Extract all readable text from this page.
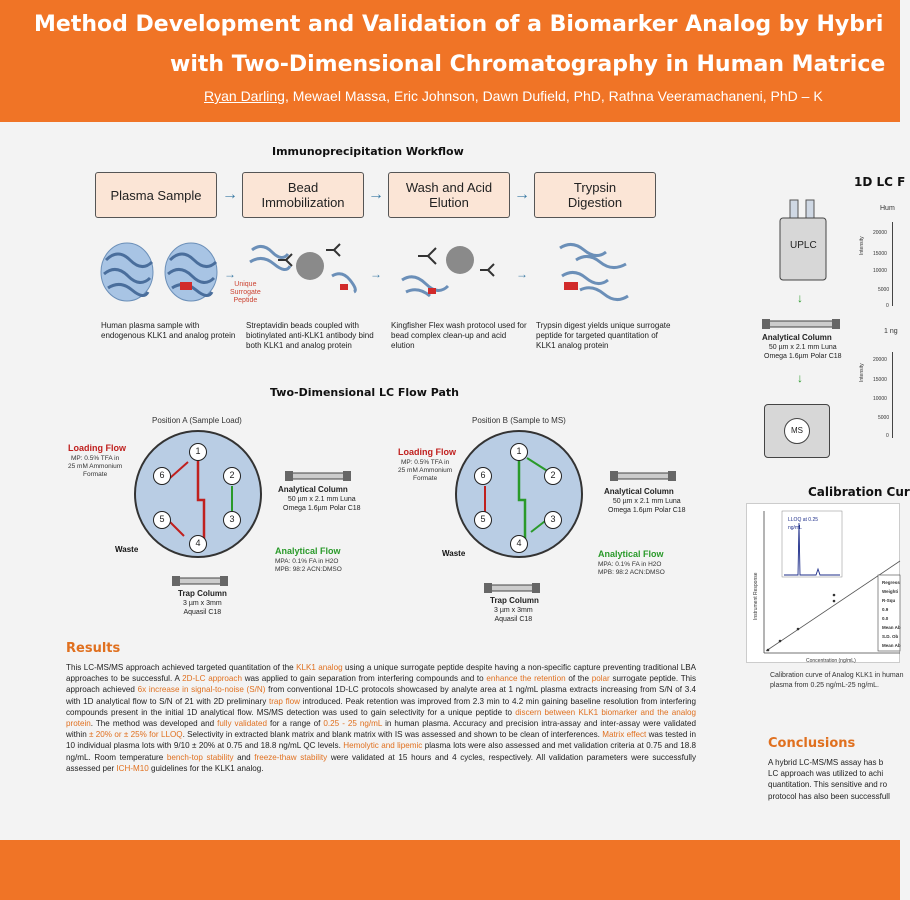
Method Development and Validation of a Biomarker Analog by Hybri
with Two-Dimensional Chromatography in Human Matrice
Ryan Darling, Mewael Massa, Eric Johnson, Dawn Dufield, PhD, Rathna Veeramachaneni, PhD – K
Immunoprecipitation Workflow
Plasma Sample	→	Bead
Immobilization	→	Wash and Acid
Elution	→	Trypsin
Digestion
Unique
Surrogate
Peptide
→	→	→
Human plasma sample with endogenous KLK1 and analog protein
Streptavidin beads coupled with biotinylated anti-KLK1 antibody bind both KLK1 and analog protein
Kingfisher Flex wash protocol used for bead complex clean-up and acid elution
Trypsin digest yields unique surrogate peptide for targeted quantitation of KLK1 analog protein
Two-Dimensional LC Flow Path
Position A (Sample Load)
1
2
3
4
5
6
Loading Flow
MP: 0.5% TFA in
25 mM Ammonium
Formate
Waste
Analytical Column
50 µm x 2.1 mm Luna
Omega 1.6µm Polar C18
Analytical Flow
MPA: 0.1% FA in H2O
MPB: 98:2 ACN:DMSO
Trap Column
3 µm x 3mm
Aquasil C18
Position B (Sample to MS)
1
2
3
4
5
6
Loading Flow
MP: 0.5% TFA in
25 mM Ammonium
Formate
Waste
Analytical Column
50 µm x 2.1 mm Luna
Omega 1.6µm Polar C18
Analytical Flow
MPA: 0.1% FA in H2O
MPB: 98:2 ACN:DMSO
Trap Column
3 µm x 3mm
Aquasil C18
1D LC F
UPLC
↓
Analytical Column
50 µm x 2.1 mm Luna
Omega 1.6µm Polar C18
↓
MS
Hum
Intensity
20000
15000
10000
5000
0
1 ng
Intensity
20000
15000
10000
5000
0
Calibration Cur
LLOQ at 0.25
ng/mL
Instrument Response
Concentration (ng/mL)
Regress
Weighti
R-Squ
0.9
0.0
Mean Ab
S.D. Ob
Mean Ab
Calibration curve of Analog KLK1 in human plasma from 0.25 ng/mL-25 ng/mL.
Results
This LC-MS/MS approach achieved targeted quantitation of the KLK1 analog using a unique surrogate peptide despite having a non-specific capture preventing traditional LBA approaches to be successful. A 2D-LC approach was applied to gain separation from interfering compounds and to enhance the retention of the polar surrogate peptide. This approach achieved 6x increase in signal-to-noise (S/N) from conventional 1D-LC protocols showcased by analyte area at 1 ng/mL plasma extracts increasing from S/N of 3.4 with 1D analytical flow to S/N of 21 with 2D preliminary trap flow introduced. Peak retention was improved from 2.3 min to 4.2 min gaining baseline resolution from interfering compounds present in the initial 1D analytical flow. MS/MS detection was used to gain selectivity for a unique peptide to discern between KLK1 biomarker and the analog protein. The method was developed and fully validated for a range of 0.25 - 25 ng/mL in human plasma. Accuracy and precision intra-assay and inter-assay were validated within ± 20% or ± 25% for LLOQ. Selectivity in extracted blank matrix and blank matrix with IS was assessed and shown to be clean of interferences. Matrix effect was tested in 10 individual plasma lots with 9/10 ± 20% at 0.75 and 18.8 ng/mL QC levels. Hemolytic and lipemic plasma lots were also assessed and met validation criteria at 0.75 and 18.8 ng/mL. Room temperature bench-top stability and freeze-thaw stability were validated at 15 hours and 4 cycles, respectively. All validation parameters were successfully assessed per ICH-M10 guidelines for the KLK1 analog.
Conclusions
A hybrid LC-MS/MS assay has b
LC approach was utilized to achi
quantitation. This sensitive and ro
protocol has also been successfull
